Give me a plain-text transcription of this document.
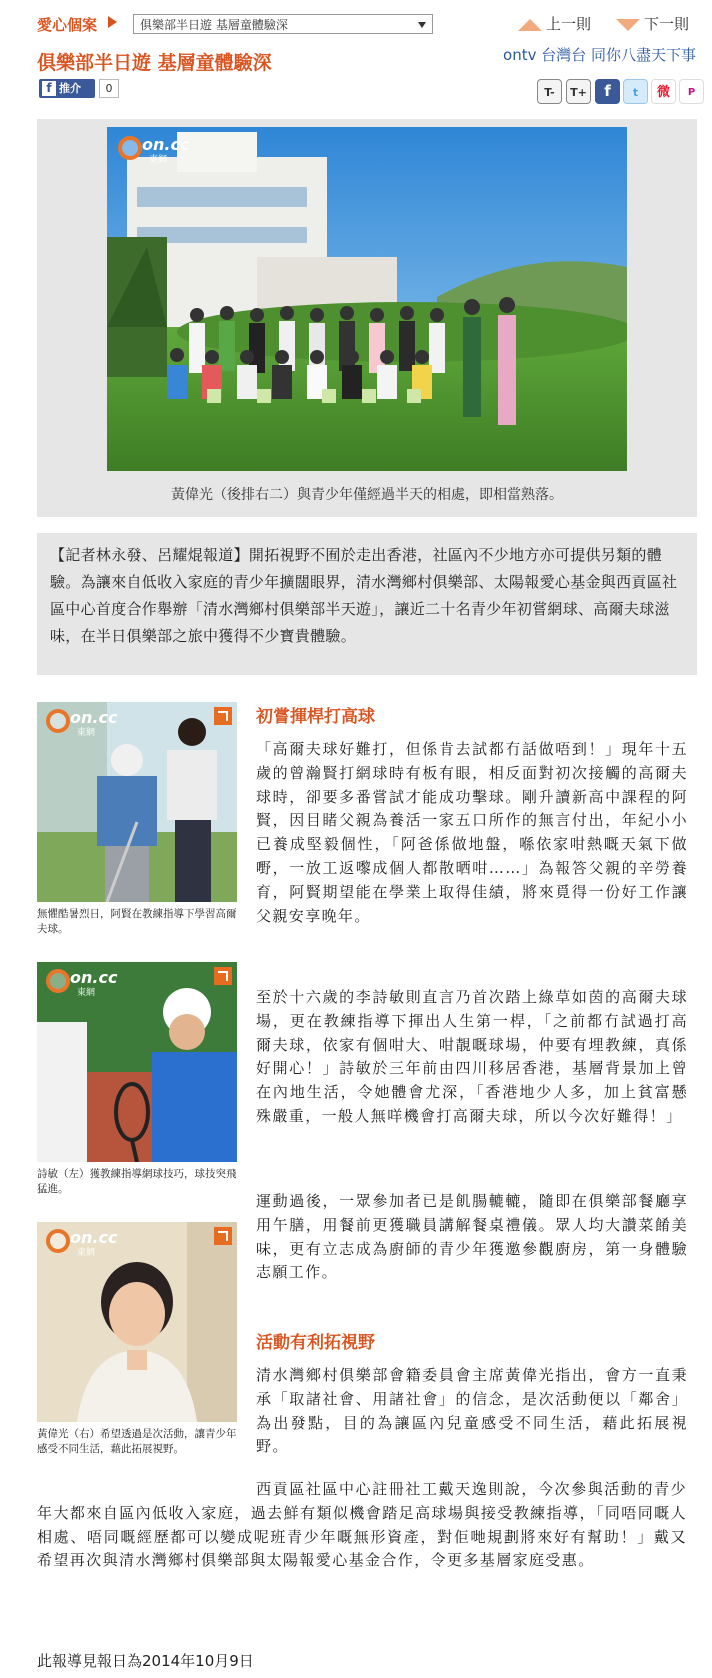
愛心個案	俱樂部半日遊 基層童體驗深	上一則	下一則
俱樂部半日遊 基層童體驗深	ontv 台灣台 同你八盡天下事
f 推介	0	T-	T+	f	t	微	P
on.cc
東網
黃偉光（後排右二）與青少年僅經過半天的相處，即相當熟落。
【記者林永發、呂耀焜報道】開拓視野不囿於走出香港，社區內不少地方亦可提供另類的體驗。為讓來自低收入家庭的青少年擴闊眼界，清水灣鄉村俱樂部、太陽報愛心基金與西貢區社區中心首度合作舉辦「清水灣鄉村俱樂部半天遊」，讓近二十名青少年初嘗網球、高爾夫球滋味，在半日俱樂部之旅中獲得不少寶貴體驗。
on.cc
東網
無懼酷暑烈日，阿賢在教練指導下學習高爾夫球。
on.cc
東網
詩敏（左）獲教練指導網球技巧，球技突飛猛進。
on.cc
東網
黃偉光（右）希望透過是次活動，讓青少年感受不同生活，藉此拓展視野。
初嘗揮桿打高球
「高爾夫球好難打，但係肯去試都冇話做唔到！」現年十五歲的曾瀚賢打網球時有板有眼，相反面對初次接觸的高爾夫球時，卻要多番嘗試才能成功擊球。剛升讀新高中課程的阿賢，因目睹父親為養活一家五口所作的無言付出，年紀小小已養成堅毅個性，「阿爸係做地盤，喺依家咁熱嘅天氣下做嘢，一放工返嚟成個人都散晒咁……」為報答父親的辛勞養育，阿賢期望能在學業上取得佳績，將來覓得一份好工作讓父親安享晚年。
至於十六歲的李詩敏則直言乃首次踏上綠草如茵的高爾夫球場，更在教練指導下揮出人生第一桿，「之前都冇試過打高爾夫球，依家有個咁大、咁靚嘅球場，仲要有埋教練，真係好開心！」詩敏於三年前由四川移居香港，基層背景加上曾在內地生活，令她體會尤深，「香港地少人多，加上貧富懸殊嚴重，一般人無咩機會打高爾夫球，所以今次好難得！」
運動過後，一眾參加者已是飢腸轆轆，隨即在俱樂部餐廳享用午膳，用餐前更獲職員講解餐桌禮儀。眾人均大讚菜餚美味，更有立志成為廚師的青少年獲邀參觀廚房，第一身體驗志願工作。
活動有利拓視野
清水灣鄉村俱樂部會籍委員會主席黃偉光指出，會方一直秉承「取諸社會、用諸社會」的信念，是次活動便以「鄰舍」為出發點，目的為讓區內兒童感受不同生活，藉此拓展視野。
西貢區社區中心註冊社工戴天逸則說，今次參與活動的青少年大都來自區內低收入家庭，過去鮮有類似機會踏足高球場與接受教練指導，「同唔同嘅人相處、唔同嘅經歷都可以變成呢班青少年嘅無形資產，對佢哋規劃將來好有幫助！」戴又希望再次與清水灣鄉村俱樂部與太陽報愛心基金合作，令更多基層家庭受惠。
此報導見報日為2014年10月9日
